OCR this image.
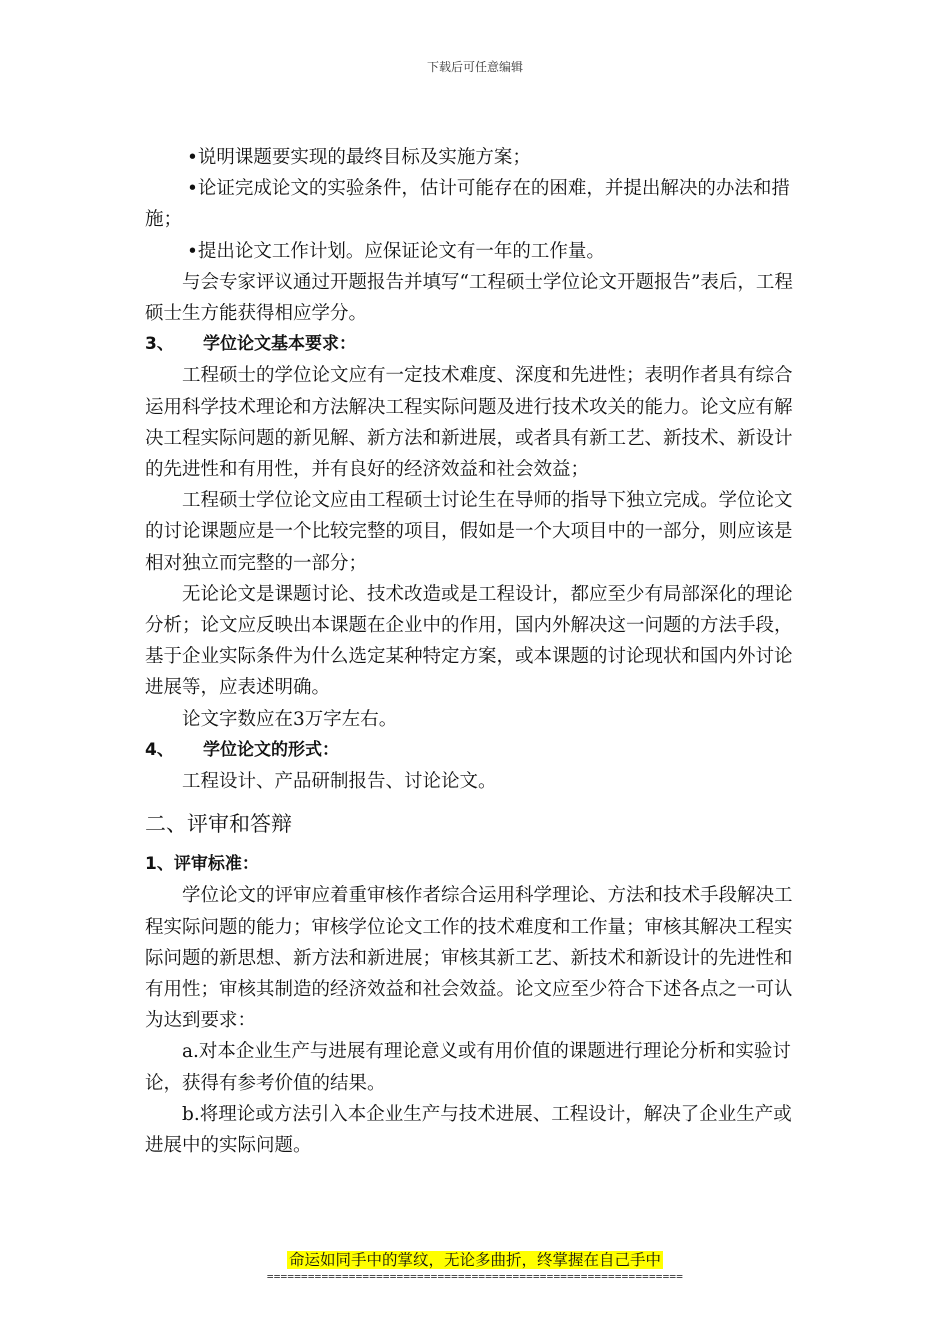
下载后可任意编辑

•说明课题要实现的最终目标及实施方案；

•论证完成论文的实验条件，估计可能存在的困难，并提出解决的办法和措施；

•提出论文工作计划。应保证论文有一年的工作量。

与会专家评议通过开题报告并填写“工程硕士学位论文开题报告”表后，工程硕士生方能获得相应学分。

3、 学位论文基本要求：

工程硕士的学位论文应有一定技术难度、深度和先进性；表明作者具有综合运用科学技术理论和方法解决工程实际问题及进行技术攻关的能力。论文应有解决工程实际问题的新见解、新方法和新进展，或者具有新工艺、新技术、新设计的先进性和有用性，并有良好的经济效益和社会效益；

工程硕士学位论文应由工程硕士讨论生在导师的指导下独立完成。学位论文的讨论课题应是一个比较完整的项目，假如是一个大项目中的一部分，则应该是相对独立而完整的一部分；

无论论文是课题讨论、技术改造或是工程设计，都应至少有局部深化的理论分析；论文应反映出本课题在企业中的作用，国内外解决这一问题的方法手段，基于企业实际条件为什么选定某种特定方案，或本课题的讨论现状和国内外讨论进展等，应表述明确。

论文字数应在3万字左右。

4、 学位论文的形式：

工程设计、产品研制报告、讨论论文。

二、评审和答辩

1、评审标准：

学位论文的评审应着重审核作者综合运用科学理论、方法和技术手段解决工程实际问题的能力；审核学位论文工作的技术难度和工作量；审核其解决工程实际问题的新思想、新方法和新进展；审核其新工艺、新技术和新设计的先进性和有用性；审核其制造的经济效益和社会效益。论文应至少符合下述各点之一可认为达到要求：

a.对本企业生产与进展有理论意义或有用价值的课题进行理论分析和实验讨论，获得有参考价值的结果。

b.将理论或方法引入本企业生产与技术进展、工程设计，解决了企业生产或进展中的实际问题。

命运如同手中的掌纹，无论多曲折，终掌握在自己手中
=============================================================
